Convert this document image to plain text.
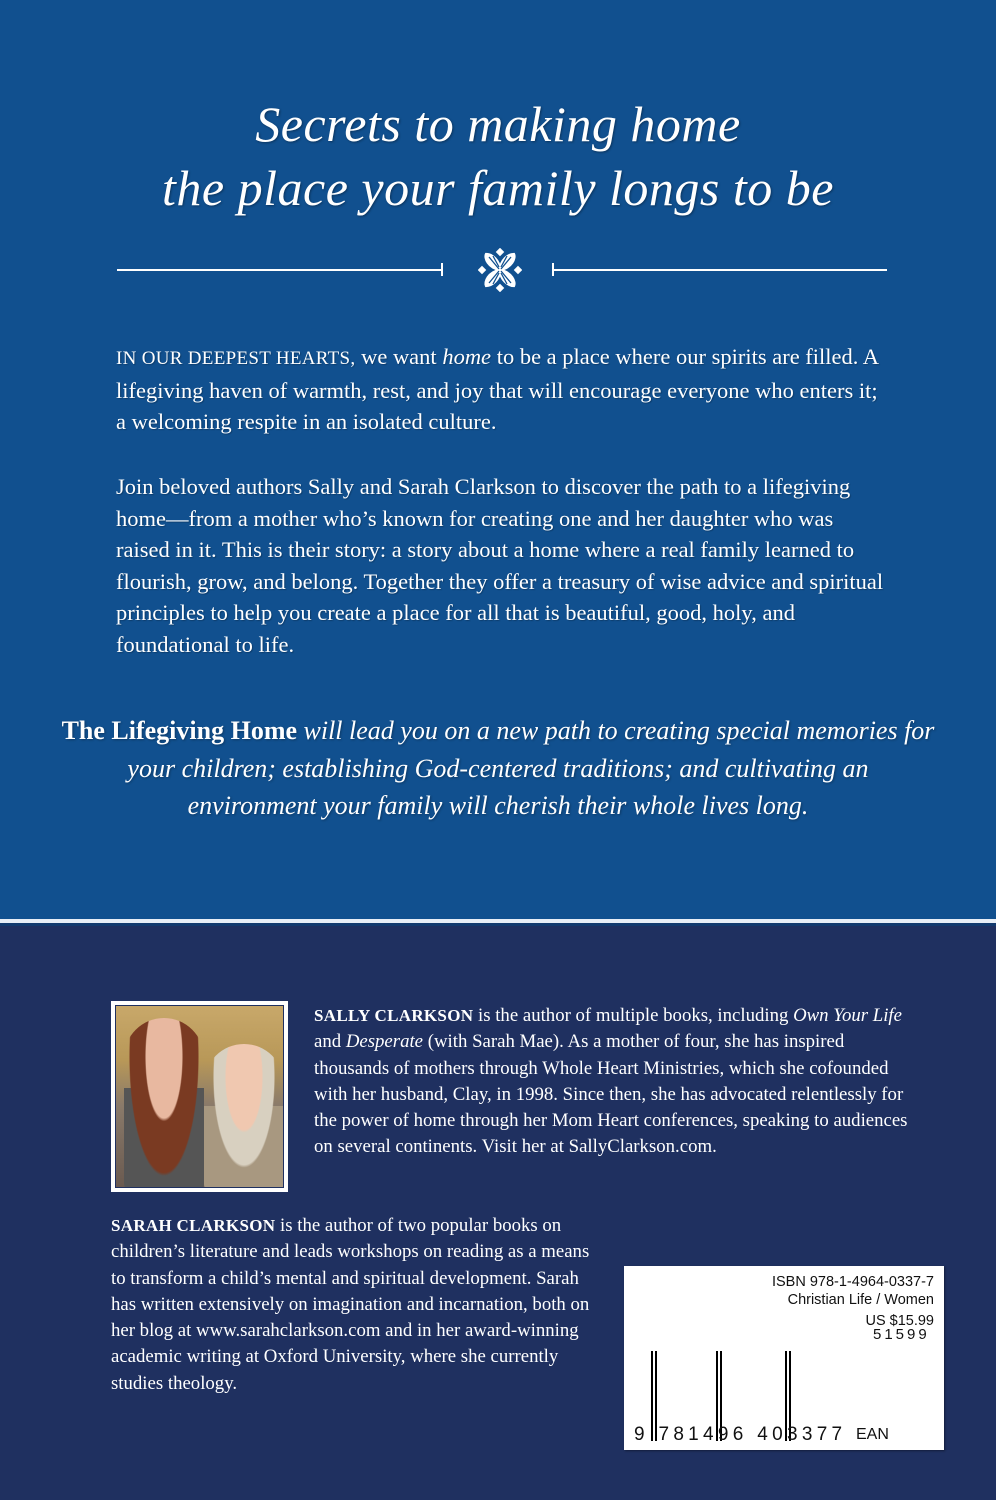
Secrets to making home
the place your family longs to be
IN OUR DEEPEST HEARTS, we want home to be a place where our spirits are filled. A lifegiving haven of warmth, rest, and joy that will encourage everyone who enters it; a welcoming respite in an isolated culture.
Join beloved authors Sally and Sarah Clarkson to discover the path to a lifegiving home—from a mother who’s known for creating one and her daughter who was raised in it. This is their story: a story about a home where a real family learned to flourish, grow, and belong. Together they offer a treasury of wise advice and spiritual principles to help you create a place for all that is beautiful, good, holy, and foundational to life.
The Lifegiving Home will lead you on a new path to creating special memories for your children; establishing God-centered traditions; and cultivating an environment your family will cherish their whole lives long.
SALLY CLARKSON is the author of multiple books, including Own Your Life and Desperate (with Sarah Mae). As a mother of four, she has inspired thousands of mothers through Whole Heart Ministries, which she cofounded with her husband, Clay, in 1998. Since then, she has advocated relentlessly for the power of home through her Mom Heart conferences, speaking to audiences on several continents. Visit her at SallyClarkson.com.
SARAH CLARKSON is the author of two popular books on children’s literature and leads workshops on reading as a means to transform a child’s mental and spiritual development. Sarah has written extensively on imagination and incarnation, both on her blog at www.sarahclarkson.com and in her award-winning academic writing at Oxford University, where she currently studies theology.
ISBN 978-1-4964-0337-7
Christian Life / Women
US $15.99
51599
9 781496 403377 EAN
